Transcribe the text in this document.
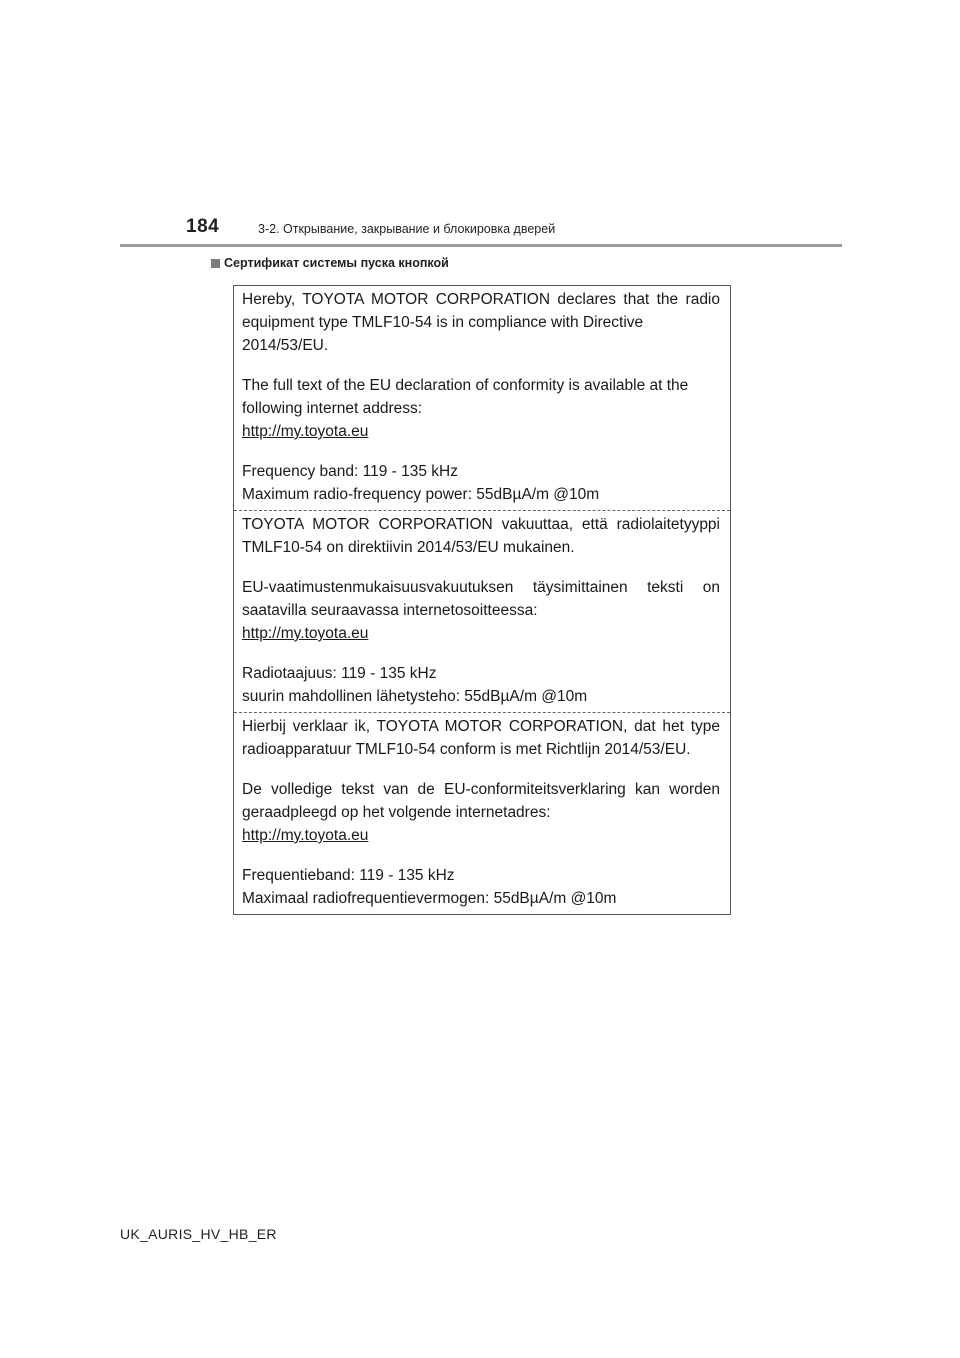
184	3-2. Открывание, закрывание и блокировка дверей
Сертификат системы пуска кнопкой

Hereby, TOYOTA MOTOR CORPORATION declares that the radio

equipment type TMLF10-54 is in compliance with Directive 2014/53/EU.

The full text of the EU declaration of conformity is available at the

following internet address:

http://my.toyota.eu

Frequency band: 119 - 135 kHz

Maximum radio-frequency power: 55dBµA/m @10m

TOYOTA MOTOR CORPORATION vakuuttaa, että radiolaitetyyppi

TMLF10-54 on direktiivin 2014/53/EU mukainen.

EU-vaatimustenmukaisuusvakuutuksen täysimittainen teksti on

saatavilla seuraavassa internetosoitteessa:

http://my.toyota.eu

Radiotaajuus: 119 - 135 kHz

suurin mahdollinen lähetysteho: 55dBµA/m @10m

Hierbij verklaar ik, TOYOTA MOTOR CORPORATION, dat het type

radioapparatuur TMLF10-54 conform is met Richtlijn 2014/53/EU.

De volledige tekst van de EU-conformiteitsverklaring kan worden

geraadpleegd op het volgende internetadres:

http://my.toyota.eu

Frequentieband: 119 - 135 kHz

Maximaal radiofrequentievermogen: 55dBµA/m @10m

UK_AURIS_HV_HB_ER
